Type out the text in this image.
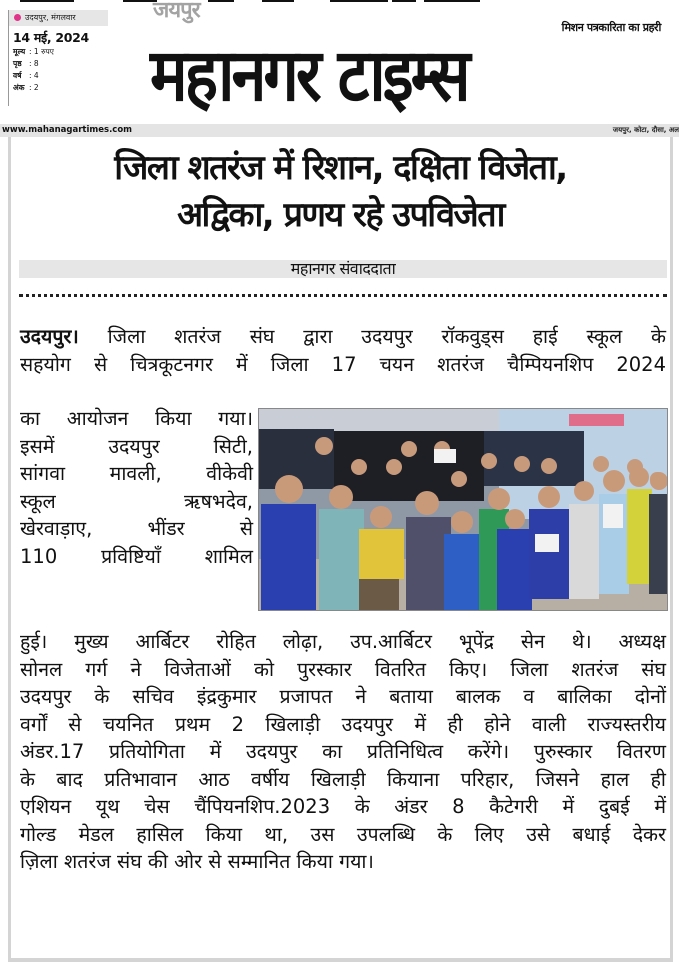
उदयपुर, मंगलवार
14 मई, 2024
मूल्य : 1 रुपए
पृष्ठ : 8
वर्ष : 4
अंक : 2
जयपुर
मिशन पत्रकारिता का प्रहरी
महानगर टाइम्स
www.mahanagartimes.com	जयपुर, कोटा, दौसा, अल
जिला शतरंज में रिशान, दक्षिता विजेता,
अद्विका, प्रणय रहे उपविजेता
महानगर संवाददाता
उदयपुर। जिला शतरंज संघ द्वारा उदयपुर रॉकवुड्स हाई स्कूल के
सहयोग से चित्रकूटनगर में जिला 17 चयन शतरंज चैम्पियनशिप 2024
का आयोजन किया गया।
इसमें उदयपुर सिटी,
सांगवा मावली, वीकेवी
स्कूल ऋषभदेव,
खेरवाड़ाए, भींडर से
110 प्रविष्टियाँ शामिल
हुई। मुख्य आर्बिटर रोहित लोढ़ा, उप.आर्बिटर भूपेंद्र सेन थे। अध्यक्ष
सोनल गर्ग ने विजेताओं को पुरस्कार वितरित किए। जिला शतरंज संघ
उदयपुर के सचिव इंद्रकुमार प्रजापत ने बताया बालक व बालिका दोनों
वर्गों से चयनित प्रथम 2 खिलाड़ी उदयपुर में ही होने वाली राज्यस्तरीय
अंडर.17 प्रतियोगिता में उदयपुर का प्रतिनिधित्व करेंगे। पुरुस्कार वितरण
के बाद प्रतिभावान आठ वर्षीय खिलाड़ी कियाना परिहार, जिसने हाल ही
एशियन यूथ चेस चैंपियनशिप.2023 के अंडर 8 कैटेगरी में दुबई में
गोल्ड मेडल हासिल किया था, उस उपलब्धि के लिए उसे बधाई देकर
ज़िला शतरंज संघ की ओर से सम्मानित किया गया।
